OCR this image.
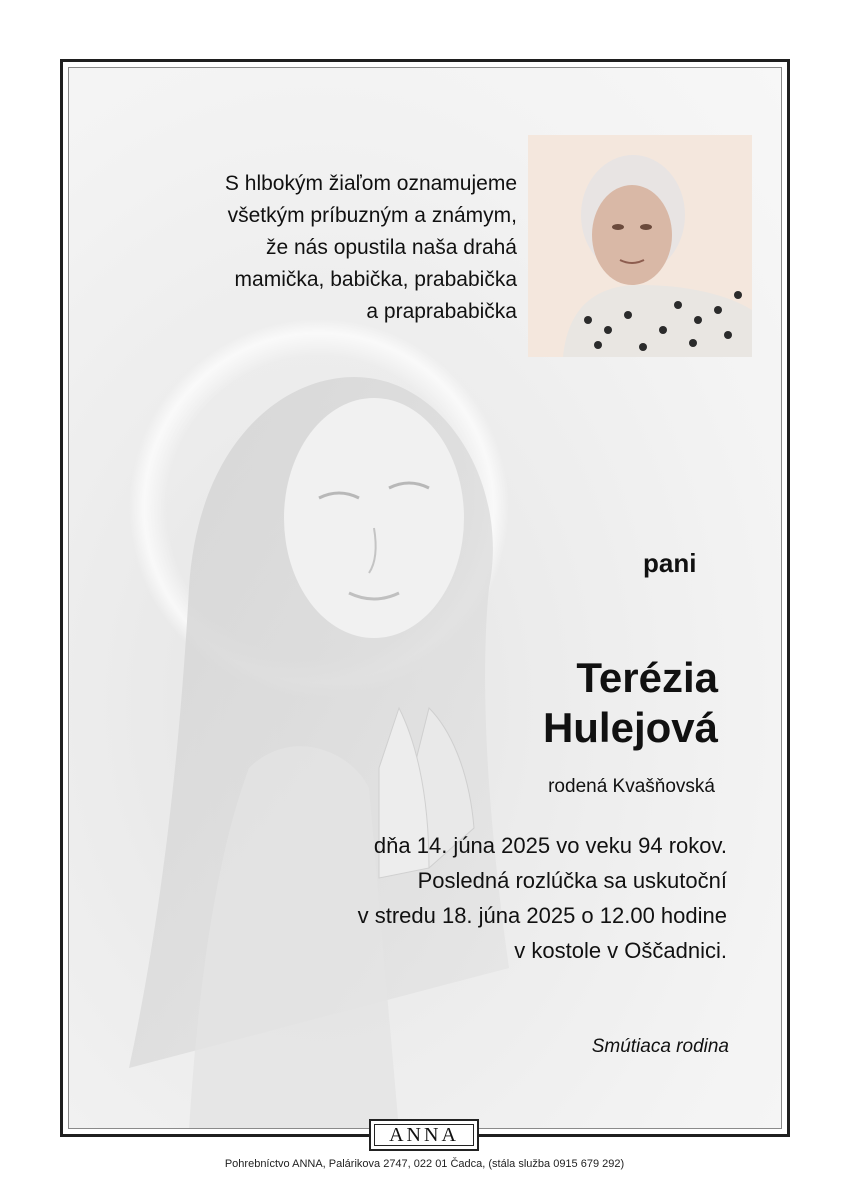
S hlbokým žiaľom oznamujeme
všetkým príbuzným a známym,
že nás opustila naša drahá
mamička, babička, prababička
a praprababička
pani
Terézia
Hulejová
rodená Kvašňovská
dňa 14. júna 2025 vo veku 94 rokov.
Posledná rozlúčka sa uskutoční
v stredu 18. júna 2025 o 12.00 hodine
v kostole v Oščadnici.
Smútiaca rodina
ANNA
Pohrebníctvo ANNA, Palárikova 2747, 022 01 Čadca, (stála služba 0915 679 292)
